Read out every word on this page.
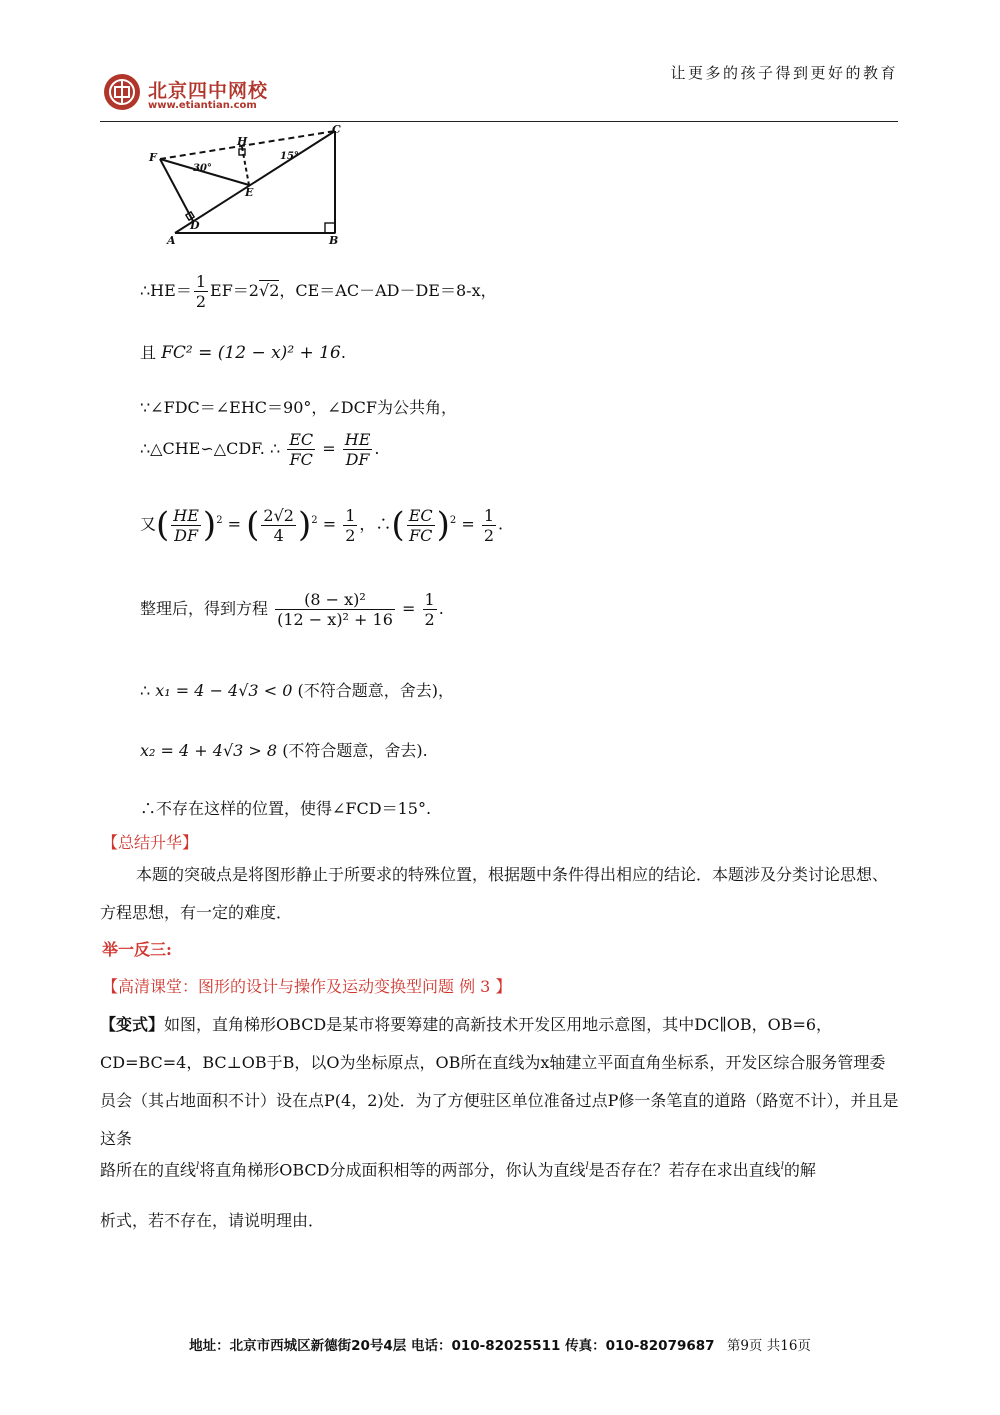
北京四中网校
www.etiantian.com
让更多的孩子得到更好的教育
F
H
C
E
D
A	B
30°
15°
∴HE＝ $\frac{1}{2} EF=2√2$，CE＝AC－AD－DE＝8-x，
且 FC² = (12 − x)² + 16.
∵∠FDC＝∠EHC＝90°，∠DCF为公共角，
∴△CHE∽△CDF. ∴ $\frac{EC}{FC} = \frac{HE}{DF}$ .
又( $\frac{HE}{DF} )^2$ = ( $\frac{2√2}{4} )^2 = \frac{1}{2}$ ，∴( $\frac{EC}{FC} )^2 = \frac{1}{2}$ .
整理后，得到方程 $\frac{\text{(8 − x)²}}{\text{(12 − x)² + 16}} = \frac{1}{2}$ .
∴ x₁ = 4 − 4√3 < 0 (不符合题意，舍去)，
x₂ = 4 + 4√3 > 8 (不符合题意，舍去).
∴不存在这样的位置，使得∠FCD＝15°.
【总结升华】
本题的突破点是将图形静止于所要求的特殊位置，根据题中条件得出相应的结论．本题涉及分类讨论思想、方程思想，有一定的难度．
举一反三:
【高清课堂：图形的设计与操作及运动变换型问题 例 3 】
【变式】如图，直角梯形OBCD是某市将要筹建的高新技术开发区用地示意图，其中DC∥OB，OB=6，CD=BC=4，BC⊥OB于B，以O为坐标原点，OB所在直线为x轴建立平面直角坐标系，开发区综合服务管理委员会（其占地面积不计）设在点P(4，2)处．为了方便驻区单位准备过点P修一条笔直的道路（路宽不计），并且是这条
路所在的直线$^l$将直角梯形OBCD分成面积相等的两部分，你认为直线$^l$是否存在？若存在求出直线$^l$的解
析式，若不存在，请说明理由．
地址：北京市西城区新德街20号4层 电话：010-82025511 传真：010-82079687 第9页 共16页
